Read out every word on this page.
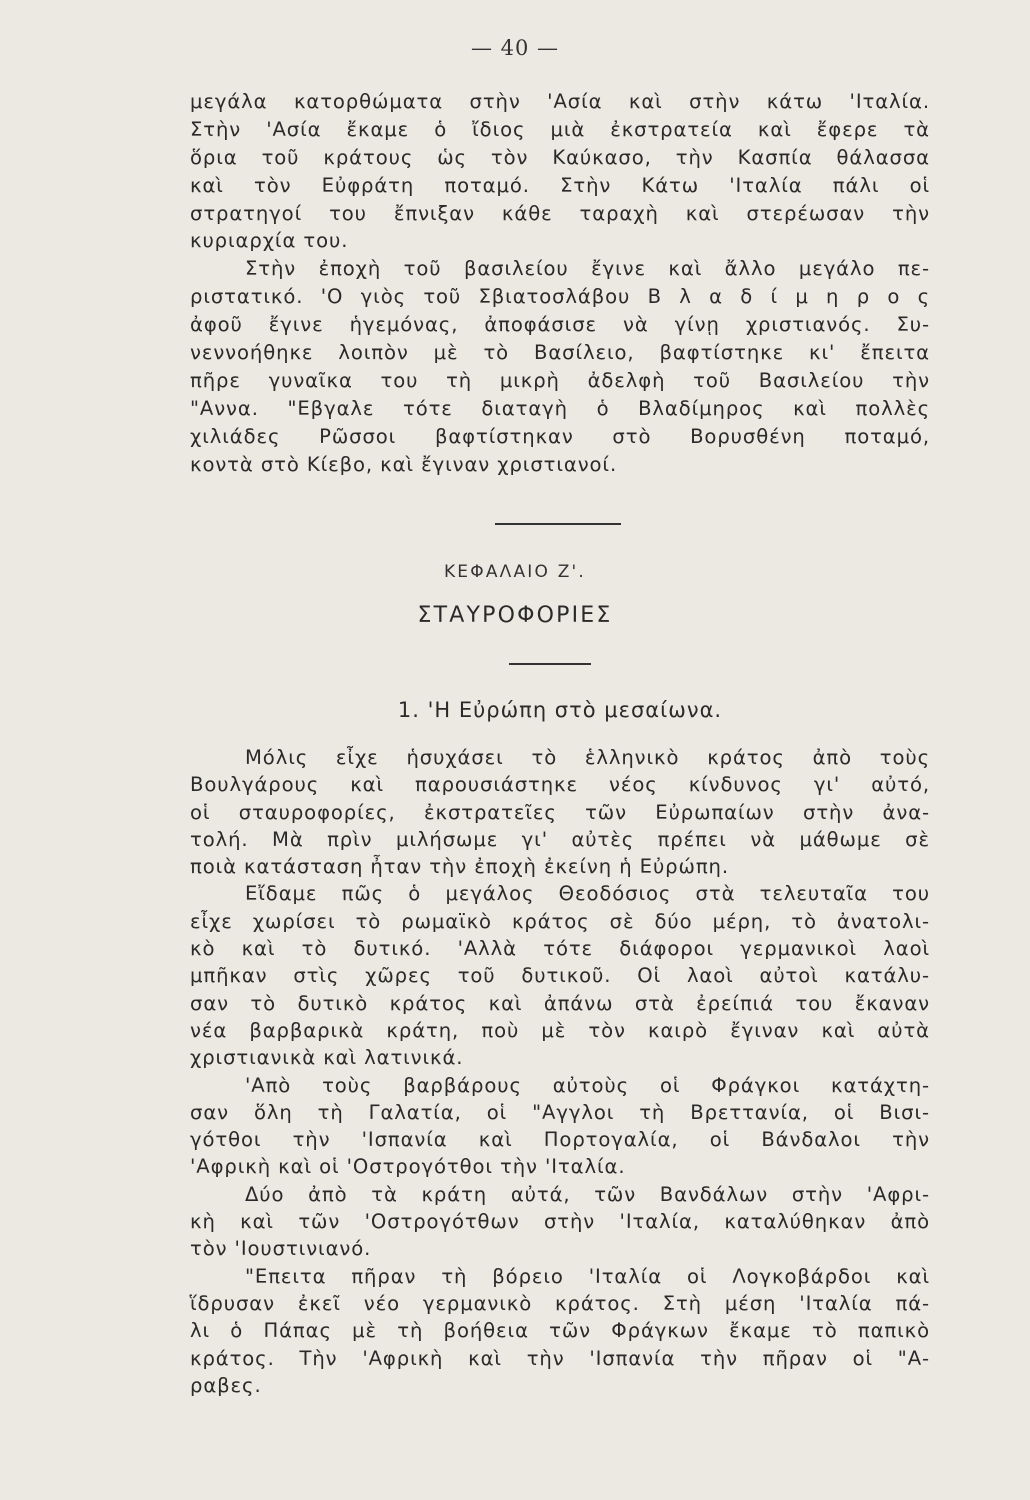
— 40 —
μεγάλα κατορθώματα στὴν 'Ασία καὶ στὴν κάτω 'Ιταλία.
Στὴν 'Ασία ἔκαμε ὁ ἴδιος μιὰ ἐκστρατεία καὶ ἔφερε τὰ
ὅρια τοῦ κράτους ὡς τὸν Καύκασο, τὴν Κασπία θάλασσα
καὶ τὸν Εὐφράτη ποταμό. Στὴν Κάτω 'Ιταλία πάλι οἱ
στρατηγοί του ἔπνιξαν κάθε ταραχὴ καὶ στερέωσαν τὴν
κυριαρχία του.
Στὴν ἐποχὴ τοῦ βασιλείου ἔγινε καὶ ἄλλο μεγάλο πε-
ριστατικό. 'Ο γιὸς τοῦ Σβιατοσλάβου Β λ α δ ί μ η ρ ο ς
ἀφοῦ ἔγινε ἡγεμόνας, ἀποφάσισε νὰ γίνῃ χριστιανός. Συ-
νεννοήθηκε λοιπὸν μὲ τὸ Βασίλειο, βαφτίστηκε κι' ἔπειτα
πῆρε γυναῖκα του τὴ μικρὴ ἀδελφὴ τοῦ Βασιλείου τὴν
"Αννα. "Εβγαλε τότε διαταγὴ ὁ Βλαδίμηρος καὶ πολλὲς
χιλιάδες Ρῶσσοι βαφτίστηκαν στὸ Βορυσθένη ποταμό,
κοντὰ στὸ Κίεβο, καὶ ἔγιναν χριστιανοί.
ΚΕΦΑΛΑΙΟ Ζ'.
ΣΤΑΥΡΟΦΟΡΙΕΣ
1. 'Η Εὐρώπη στὸ μεσαίωνα.
Μόλις εἶχε ἡσυχάσει τὸ ἑλληνικὸ κράτος ἀπὸ τοὺς
Βουλγάρους καὶ παρουσιάστηκε νέος κίνδυνος γι' αὐτό,
οἱ σταυροφορίες, ἐκστρατεῖες τῶν Εὐρωπαίων στὴν ἀνα-
τολή. Μὰ πρὶν μιλήσωμε γι' αὐτὲς πρέπει νὰ μάθωμε σὲ
ποιὰ κατάσταση ἦταν τὴν ἐποχὴ ἐκείνη ἡ Εὐρώπη.
Εἴδαμε πῶς ὁ μεγάλος Θεοδόσιος στὰ τελευταῖα του
εἶχε χωρίσει τὸ ρωμαϊκὸ κράτος σὲ δύο μέρη, τὸ ἀνατολι-
κὸ καὶ τὸ δυτικό. 'Αλλὰ τότε διάφοροι γερμανικοὶ λαοὶ
μπῆκαν στὶς χῶρες τοῦ δυτικοῦ. Οἱ λαοὶ αὐτοὶ κατάλυ-
σαν τὸ δυτικὸ κράτος καὶ ἀπάνω στὰ ἐρείπιά του ἔκαναν
νέα βαρβαρικὰ κράτη, ποὺ μὲ τὸν καιρὸ ἔγιναν καὶ αὐτὰ
χριστιανικὰ καὶ λατινικά.
'Απὸ τοὺς βαρβάρους αὐτοὺς οἱ Φράγκοι κατάχτη-
σαν ὅλη τὴ Γαλατία, οἱ "Αγγλοι τὴ Βρεττανία, οἱ Βισι-
γότθοι τὴν 'Ισπανία καὶ Πορτογαλία, οἱ Βάνδαλοι τὴν
'Αφρικὴ καὶ οἱ 'Οστρογότθοι τὴν 'Ιταλία.
Δύο ἀπὸ τὰ κράτη αὐτά, τῶν Βανδάλων στὴν 'Αφρι-
κὴ καὶ τῶν 'Οστρογότθων στὴν 'Ιταλία, καταλύθηκαν ἀπὸ
τὸν 'Ιουστινιανό.
"Επειτα πῆραν τὴ βόρειο 'Ιταλία οἱ Λογκοβάρδοι καὶ
ἵδρυσαν ἐκεῖ νέο γερμανικὸ κράτος. Στὴ μέση 'Ιταλία πά-
λι ὁ Πάπας μὲ τὴ βοήθεια τῶν Φράγκων ἔκαμε τὸ παπικὸ
κράτος. Τὴν 'Αφρικὴ καὶ τὴν 'Ισπανία τὴν πῆραν οἱ "Α-
ραβες.
